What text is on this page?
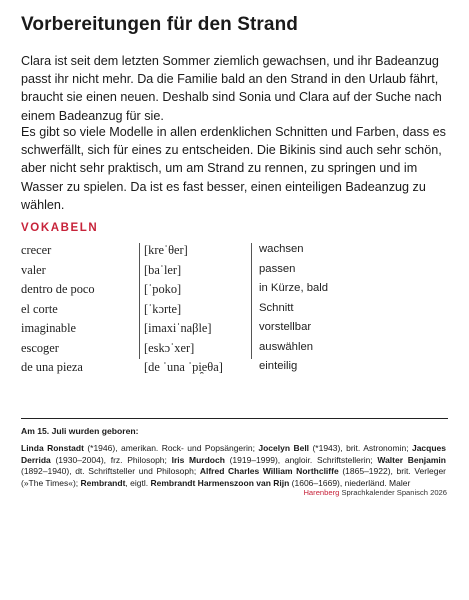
Vorbereitungen für den Strand

Clara ist seit dem letzten Sommer ziemlich gewachsen, und ihr Badeanzug passt ihr nicht mehr. Da die Familie bald an den Strand in den Urlaub fährt, braucht sie einen neuen. Deshalb sind Sonia und Clara auf der Suche nach einem Badeanzug für sie.

Es gibt so viele Modelle in allen erdenklichen Schnitten und Farben, dass es schwerfällt, sich für eines zu entscheiden. Die Bikinis sind auch sehr schön, aber nicht sehr praktisch, um am Strand zu rennen, zu springen und im Wasser zu spielen. Da ist es fast besser, einen einteiligen Badeanzug zu wählen.

VOKABELN
crecer	[kreˈθer]	wachsen
valer	[baˈler]	passen
dentro de poco	[ˈpoko]	in Kürze, bald
el corte	[ˈkɔrte]	Schnitt
imaginable	[imaxiˈnaβle]	vorstellbar
escoger	[eskɔˈxer]	auswählen
de una pieza	[de ˈuna ˈpi̯eθa]	einteilig
Am 15. Juli wurden geboren:

Linda Ronstadt (*1946), amerikan. Rock- und Popsängerin; Jocelyn Bell (*1943), brit. Astronomin; Jacques Derrida (1930–2004), frz. Philosoph; Iris Murdoch (1919–1999), angloir. Schriftstellerin; Walter Benjamin (1892–1940), dt. Schriftsteller und Philosoph; Alfred Charles William Northcliffe (1865–1922), brit. Verleger (»The Times«); Rembrandt, eigtl. Rembrandt Harmenszoon van Rijn (1606–1669), niederländ. Maler

Harenberg Sprachkalender Spanisch 2026
